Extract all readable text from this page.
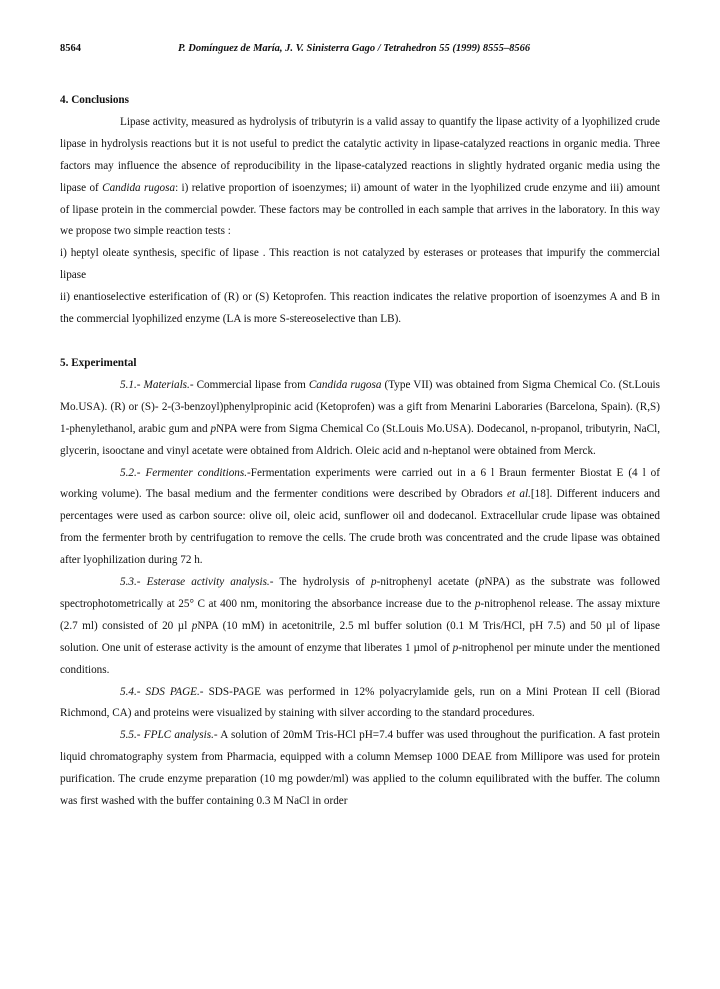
8564	P. Domínguez de María, J. V. Sinisterra Gago / Tetrahedron 55 (1999) 8555–8566

4. Conclusions

Lipase activity, measured as hydrolysis of tributyrin is a valid assay to quantify the lipase activity of a lyophilized crude lipase in hydrolysis reactions but it is not useful to predict the catalytic activity in lipase-catalyzed reactions in organic media. Three factors may influence the absence of reproducibility in the lipase-catalyzed reactions in slightly hydrated organic media using the lipase of Candida rugosa: i) relative proportion of isoenzymes; ii) amount of water in the lyophilized crude enzyme and iii) amount of lipase protein in the commercial powder. These factors may be controlled in each sample that arrives in the laboratory. In this way we propose two simple reaction tests :

i) heptyl oleate synthesis, specific of lipase . This reaction is not catalyzed by esterases or proteases that impurify the commercial lipase

ii) enantioselective esterification of (R) or (S) Ketoprofen. This reaction indicates the relative proportion of isoenzymes A and B in the commercial lyophilized enzyme (LA is more S-stereoselective than LB).

5. Experimental

5.1.- Materials.- Commercial lipase from Candida rugosa (Type VII) was obtained from Sigma Chemical Co. (St.Louis Mo.USA). (R) or (S)- 2-(3-benzoyl)phenylpropinic acid (Ketoprofen) was a gift from Menarini Laboraries (Barcelona, Spain). (R,S) 1-phenylethanol, arabic gum and pNPA were from Sigma Chemical Co (St.Louis Mo.USA). Dodecanol, n-propanol, tributyrin, NaCl, glycerin, isooctane and vinyl acetate were obtained from Aldrich. Oleic acid and n-heptanol were obtained from Merck.

5.2.- Fermenter conditions.-Fermentation experiments were carried out in a 6 l Braun fermenter Biostat E (4 l of working volume). The basal medium and the fermenter conditions were described by Obradors et al.[18]. Different inducers and percentages were used as carbon source: olive oil, oleic acid, sunflower oil and dodecanol. Extracellular crude lipase was obtained from the fermenter broth by centrifugation to remove the cells. The crude broth was concentrated and the crude lipase was obtained after lyophilization during 72 h.

5.3.- Esterase activity analysis.- The hydrolysis of p-nitrophenyl acetate (pNPA) as the substrate was followed spectrophotometrically at 25° C at 400 nm, monitoring the absorbance increase due to the p-nitrophenol release. The assay mixture (2.7 ml) consisted of 20 µl pNPA (10 mM) in acetonitrile, 2.5 ml buffer solution (0.1 M Tris/HCl, pH 7.5) and 50 µl of lipase solution. One unit of esterase activity is the amount of enzyme that liberates 1 µmol of p-nitrophenol per minute under the mentioned conditions.

5.4.- SDS PAGE.- SDS-PAGE was performed in 12% polyacrylamide gels, run on a Mini Protean II cell (Biorad Richmond, CA) and proteins were visualized by staining with silver according to the standard procedures.

5.5.- FPLC analysis.- A solution of 20mM Tris-HCl pH=7.4 buffer was used throughout the purification. A fast protein liquid chromatography system from Pharmacia, equipped with a column Memsep 1000 DEAE from Millipore was used for protein purification. The crude enzyme preparation (10 mg powder/ml) was applied to the column equilibrated with the buffer. The column was first washed with the buffer containing 0.3 M NaCl in order
